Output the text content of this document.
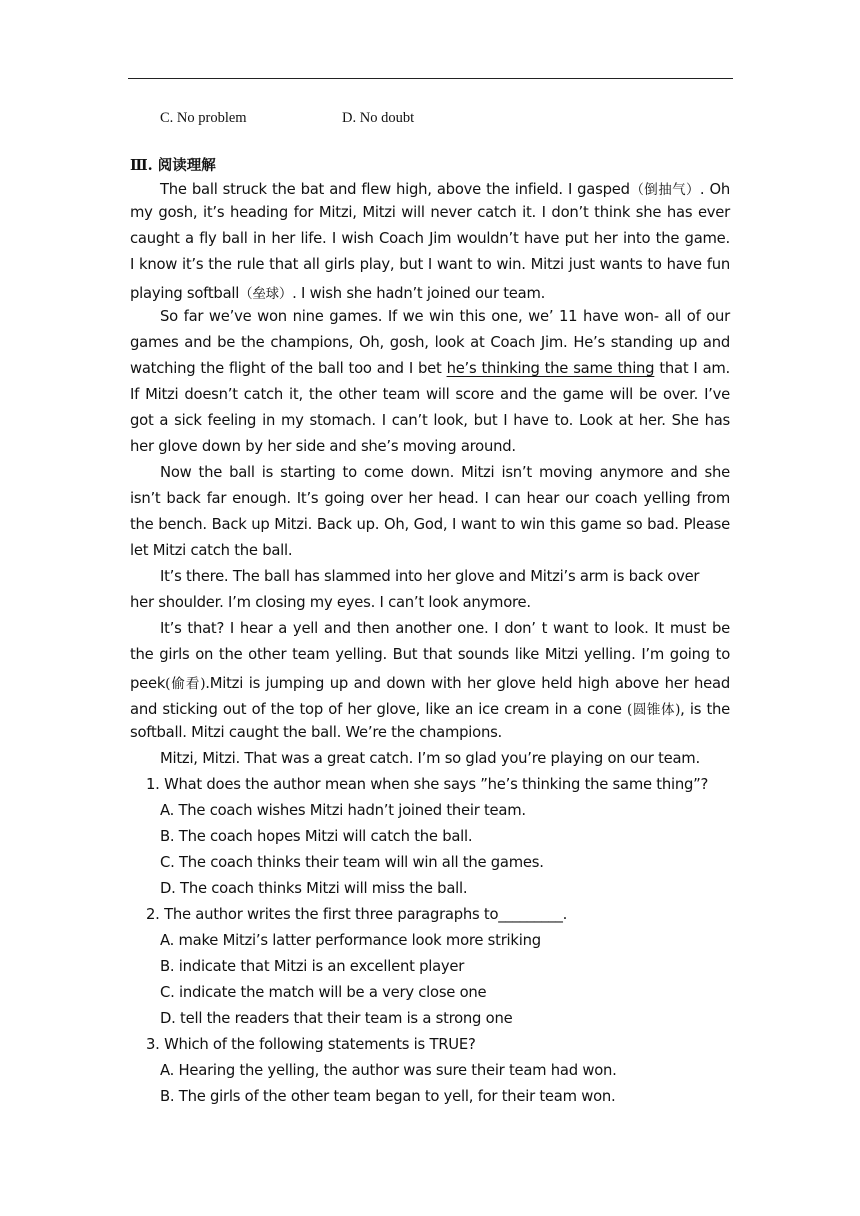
C. No problem	D. No doubt
Ⅲ. 阅读理解
The ball struck the bat and flew high, above the infield. I gasped（倒抽气）. Oh
my gosh, it’s heading for Mitzi, Mitzi will never catch it. I don’t think she has ever
caught a fly ball in her life. I wish Coach Jim wouldn’t have put her into the game.
I know it’s the rule that all girls play, but I want to win. Mitzi just wants to have fun
playing softball（垒球）. I wish she hadn’t joined our team.
So far we’ve won nine games. If we win this one, we’ 11 have won- all of our
games and be the champions, Oh, gosh, look at Coach Jim. He’s standing up and
watching the flight of the ball too and I bet he’s thinking the same thing that I am.
If Mitzi doesn’t catch it, the other team will score and the game will be over. I’ve
got a sick feeling in my stomach. I can’t look, but I have to. Look at her. She has
her glove down by her side and she’s moving around.
Now the ball is starting to come down. Mitzi isn’t moving anymore and she
isn’t back far enough. It’s going over her head. I can hear our coach yelling from
the bench. Back up Mitzi. Back up. Oh, God, I want to win this game so bad. Please
let Mitzi catch the ball.
It’s there. The ball has slammed into her glove and Mitzi’s arm is back over
her shoulder. I’m closing my eyes. I can’t look anymore.
It’s that? I hear a yell and then another one. I don’ t want to look. It must be
the girls on the other team yelling. But that sounds like Mitzi yelling. I’m going to
peek(偷看).Mitzi is jumping up and down with her glove held high above her head
and sticking out of the top of her glove, like an ice cream in a cone (圆锥体), is the
softball. Mitzi caught the ball. We’re the champions.
Mitzi, Mitzi. That was a great catch. I’m so glad you’re playing on our team.
1. What does the author mean when she says ”he’s thinking the same thing”?
A. The coach wishes Mitzi hadn’t joined their team.
B. The coach hopes Mitzi will catch the ball.
C. The coach thinks their team will win all the games.
D. The coach thinks Mitzi will miss the ball.
2. The author writes the first three paragraphs to_________.
A. make Mitzi’s latter performance look more striking
B. indicate that Mitzi is an excellent player
C. indicate the match will be a very close one
D. tell the readers that their team is a strong one
3. Which of the following statements is TRUE?
A. Hearing the yelling, the author was sure their team had won.
B. The girls of the other team began to yell, for their team won.
